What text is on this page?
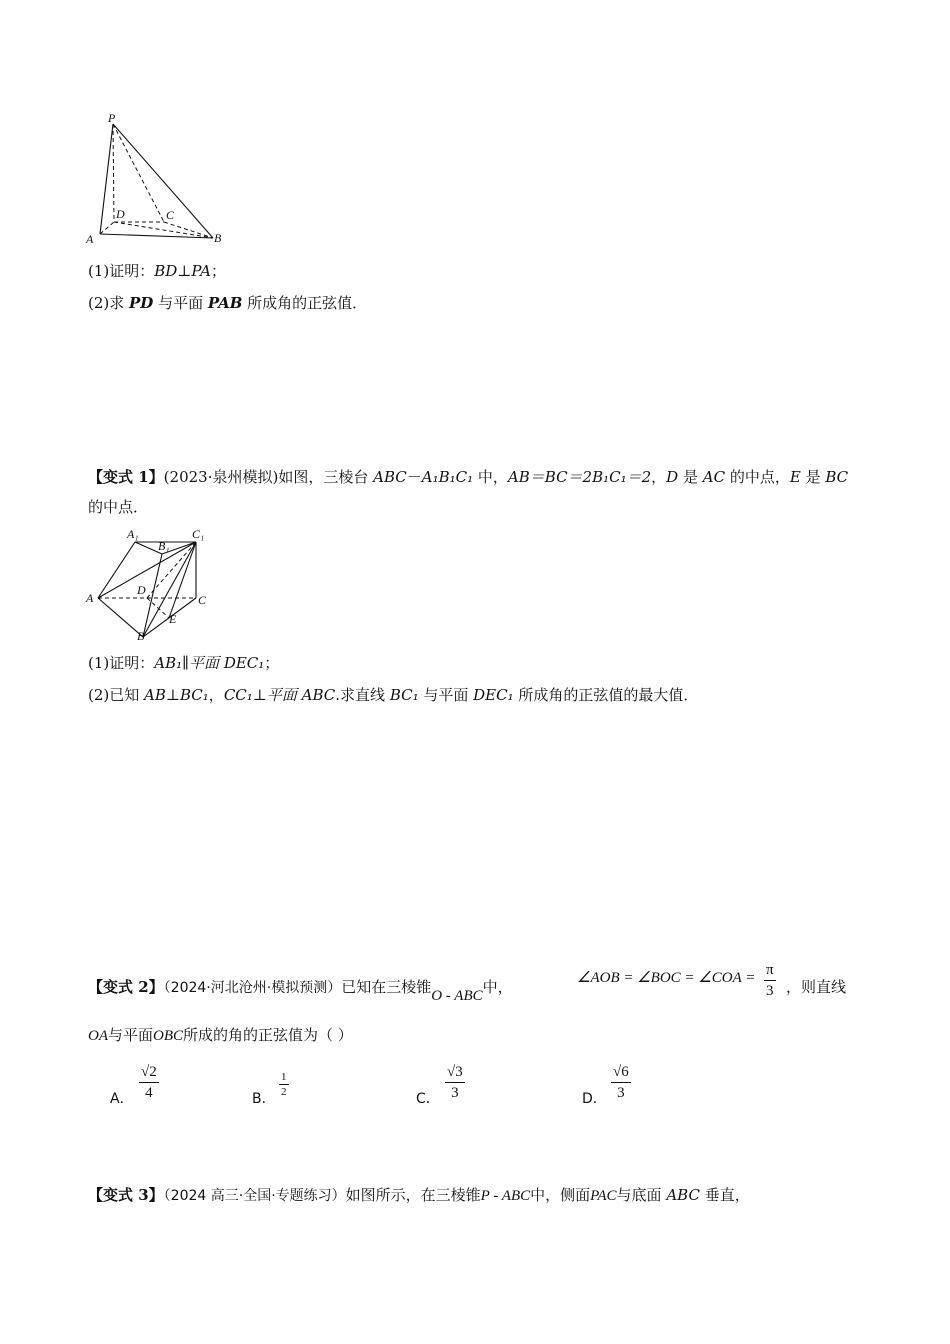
P
D	C
A	B
(1)证明：BD⊥PA；
(2)求 PD 与平面 PAB 所成角的正弦值．
【变式 1】(2023·泉州模拟)如图，三棱台 ABC－A₁B₁C₁ 中，AB＝BC＝2B₁C₁＝2，D 是 AC 的中点，E 是 BC
的中点．
A₁
B₁
C₁
A
D
C
E
B
(1)证明：AB₁∥平面 DEC₁；
(2)已知 AB⊥BC₁，CC₁⊥平面 ABC.求直线 BC₁ 与平面 DEC₁ 所成角的正弦值的最大值．
【变式 2】（2024·河北沧州·模拟预测）已知在三棱锥O - ABC中，	∠AOB = ∠BOC = ∠COA = $\frac{\pi}{3}$ ，则直线
OA与平面OBC所成的角的正弦值为（ ）
A． $\frac{√2}{4}$	B． $\frac{1}{2}$	C． $\frac{√3}{3}$	D． $\frac{√6}{3}$
【变式 3】（2024 高三·全国·专题练习）如图所示，在三棱锥P - ABC中，侧面PAC与底面 ABC 垂直，
